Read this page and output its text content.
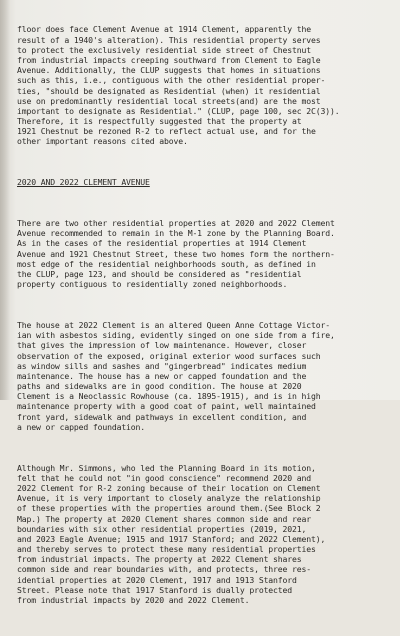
floor does face Clement Avenue at 1914 Clement, apparently the
result of a 1940's alteration). This residential property serves
to protect the exclusively residential side street of Chestnut
from industrial impacts creeping southward from Clement to Eagle
Avenue. Additionally, the CLUP suggests that homes in situations
such as this, i.e., contiguous with the other residential proper-
ties, "should be designated as Residential (when) it residential
use on predominantly residential local streets(and) are the most
important to designate as Residential." (CLUP, page 100, sec 2C(3)).
Therefore, it is respectfully suggested that the property at
1921 Chestnut be rezoned R-2 to reflect actual use, and for the
other important reasons cited above.

2020 AND 2022 CLEMENT AVENUE

There are two other residential properties at 2020 and 2022 Clement
Avenue recommended to remain in the M-1 zone by the Planning Board.
As in the cases of the residential properties at 1914 Clement
Avenue and 1921 Chestnut Street, these two homes form the northern-
most edge of the residential neighborhoods south, as defined in
the CLUP, page 123, and should be considered as "residential
property contiguous to residentially zoned neighborhoods.

The house at 2022 Clement is an altered Queen Anne Cottage Victor-
ian with asbestos siding, evidently singed on one side from a fire,
that gives the impression of low maintenance. However, closer
observation of the exposed, original exterior wood surfaces such
as window sills and sashes and "gingerbread" indicates medium
maintenance. The house has a new or capped foundation and the
paths and sidewalks are in good condition. The house at 2020
Clement is a Neoclassic Rowhouse (ca. 1895-1915), and is in high
maintenance property with a good coat of paint, well maintained
front yard, sidewalk and pathways in excellent condition, and
a new or capped foundation.

Although Mr. Simmons, who led the Planning Board in its motion,
felt that he could not "in good conscience" recommend 2020 and
2022 Clement for R-2 zoning because of their location on Clement
Avenue, it is very important to closely analyze the relationship
of these properties with the properties around them.(See Block 2
Map.) The property at 2020 Clement shares common side and rear
boundaries with six other residential properties (2019, 2021,
and 2023 Eagle Avenue; 1915 and 1917 Stanford; and 2022 Clement),
and thereby serves to protect these many residential properties
from industrial impacts. The property at 2022 Clement shares
common side and rear boundaries with, and protects, three res-
idential properties at 2020 Clement, 1917 and 1913 Stanford
Street. Please note that 1917 Stanford is dually protected
from industrial impacts by 2020 and 2022 Clement.
